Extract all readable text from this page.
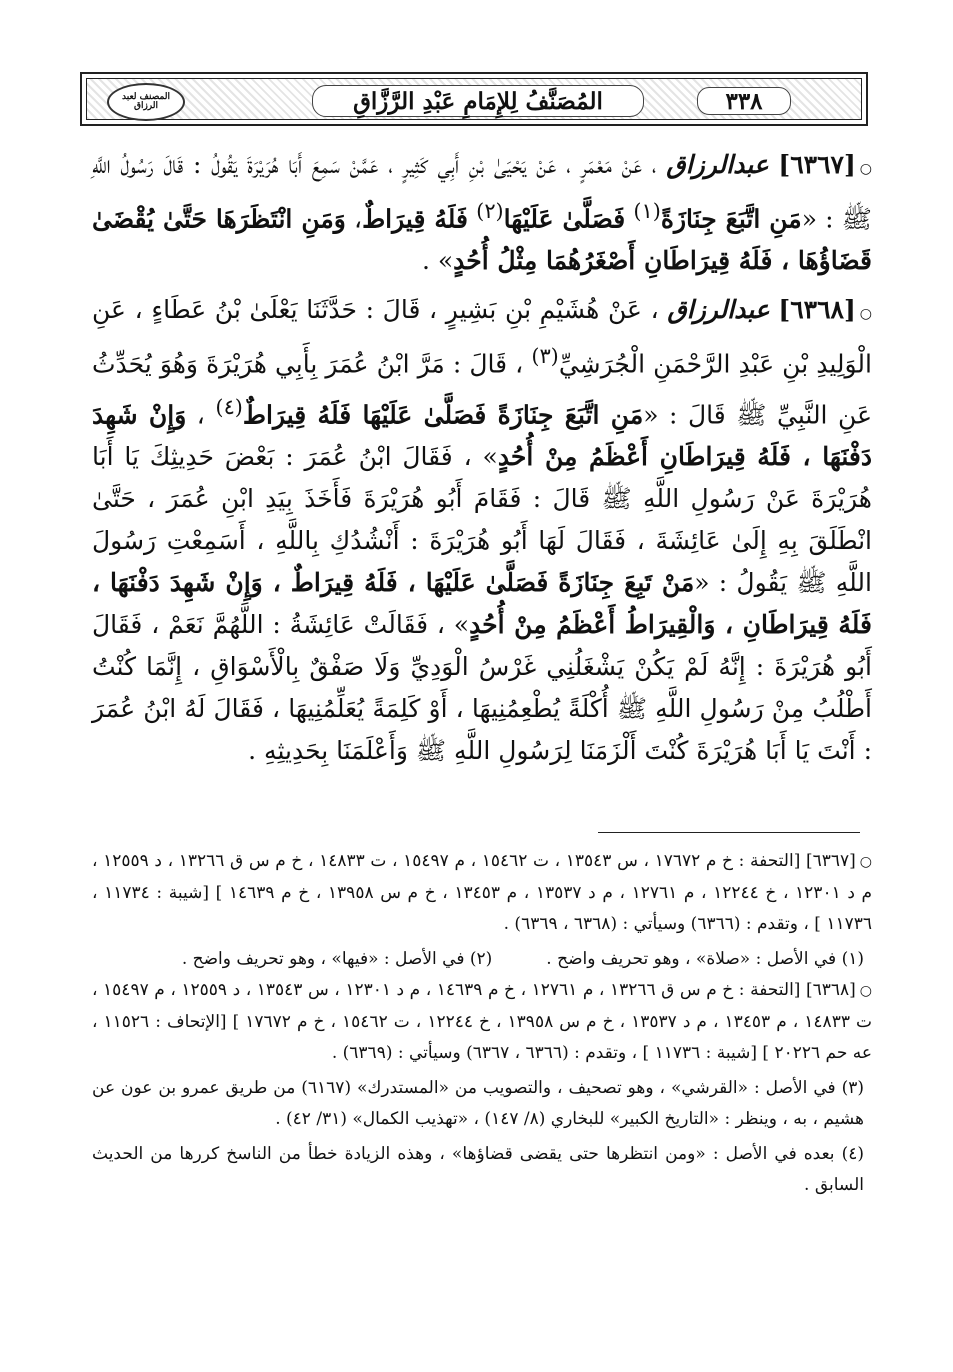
٣٣٨
المُصَنَّفُ لِلإِمَامِ عَبْدِ الرَّزَّاقِ
المصنف لعبد الرزاق

○[٦٣٦٧] عبدالرزاق ، عَنْ مَعْمَرٍ ، عَنْ يَحْيَىٰ بْنِ أَبِي كَثِيرٍ ، عَمَّنْ سَمِعَ أَبَا هُرَيْرَةَ يَقُولُ : قَالَ رَسُولُ اللَّهِ ﷺ : «مَنِ اتَّبَعَ جِنَازَةً$^{(١)}$ فَصَلَّىٰ عَلَيْهَا$^{(٢)}$ فَلَهُ قِيرَاطٌ، وَمَنِ انْتَظَرَهَا حَتَّىٰ يُقْضَىٰ قَضَاؤُهَا ، فَلَهُ قِيرَاطَانِ أَصْغَرُهُمَا مِثْلُ أُحُدٍ» .

○[٦٣٦٨] عبدالرزاق ، عَنْ هُشَيْمِ بْنِ بَشِيرٍ ، قَالَ : حَدَّثَنَا يَعْلَىٰ بْنُ عَطَاءٍ ، عَنِ الْوَلِيدِ بْنِ عَبْدِ الرَّحْمَنِ الْجُرَشِيِّ$^{(٣)}$ ، قَالَ : مَرَّ ابْنُ عُمَرَ بِأَبِي هُرَيْرَةَ وَهُوَ يُحَدِّثُ عَنِ النَّبِيِّ ﷺ قَالَ : «مَنِ اتَّبَعَ جِنَازَةً فَصَلَّىٰ عَلَيْهَا فَلَهُ قِيرَاطٌ$^{(٤)}$ ، وَإِنْ شَهِدَ دَفْنَهَا ، فَلَهُ قِيرَاطَانِ أَعْظَمُ مِنْ أُحُدٍ» ، فَقَالَ ابْنُ عُمَرَ : بَعْضَ حَدِيثِكَ يَا أَبَا هُرَيْرَةَ عَنْ رَسُولِ اللَّهِ ﷺ قَالَ : فَقَامَ أَبُو هُرَيْرَةَ فَأَخَذَ بِيَدِ ابْنِ عُمَرَ ، حَتَّىٰ انْطَلَقَ بِهِ إِلَىٰ عَائِشَةَ ، فَقَالَ لَهَا أَبُو هُرَيْرَةَ : أَنْشُدُكِ بِاللَّهِ ، أَسَمِعْتِ رَسُولَ اللَّهِ ﷺ يَقُولُ : «مَنْ تَبِعَ جِنَازَةً فَصَلَّىٰ عَلَيْهَا ، فَلَهُ قِيرَاطٌ ، وَإِنْ شَهِدَ دَفْنَهَا ، فَلَهُ قِيرَاطَانِ ، وَالْقِيرَاطُ أَعْظَمُ مِنْ أُحُدٍ» ، فَقَالَتْ عَائِشَةُ : اللَّهُمَّ نَعَمْ ، فَقَالَ أَبُو هُرَيْرَةَ : إِنَّهُ لَمْ يَكُنْ يَشْغَلُنِي غَرْسُ الْوَدِيِّ وَلَا صَفْقٌ بِالْأَسْوَاقِ ، إِنَّمَا كُنْتُ أَطْلُبُ مِنْ رَسُولِ اللَّهِ ﷺ أُكْلَةً يُطْعِمُنِيهَا ، أَوْ كَلِمَةً يُعَلِّمُنِيهَا ، فَقَالَ لَهُ ابْنُ عُمَرَ : أَنْتَ يَا أَبَا هُرَيْرَةَ كُنْتَ أَلْزَمَنَا لِرَسُولِ اللَّهِ ﷺ وَأَعْلَمَنَا بِحَدِيثِهِ .

○[٦٣٦٧] [التحفة : خ م ١٧٦٧٢ ، س ١٣٥٤٣ ، ت ١٥٤٦٢ ، م ١٥٤٩٧ ، ت ١٤٨٣٣ ، خ م س ق ١٣٢٦٦ ، د ١٢٥٥٩ ، م د ١٢٣٠١ ، خ ١٢٢٤٤ ، م ١٢٧٦١ ، م د ١٣٥٣٧ ، م ١٣٤٥٣ ، خ م س ١٣٩٥٨ ، خ م ١٤٦٣٩ ] [شيبة : ١١٧٣٤ ، ١١٧٣٦ ] ، وتقدم : (٦٣٦٦) وسيأتي : (٦٣٦٨ ، ٦٣٦٩) .

(١) في الأصل : «صلاة» ، وهو تحريف واضح .
(٢) في الأصل : «فيها» ، وهو تحريف واضح .

○[٦٣٦٨] [التحفة : خ م س ق ١٣٢٦٦ ، م ١٢٧٦١ ، خ م ١٤٦٣٩ ، م د ١٢٣٠١ ، س ١٣٥٤٣ ، د ١٢٥٥٩ ، م ١٥٤٩٧ ، ت ١٤٨٣٣ ، م ١٣٤٥٣ ، م د ١٣٥٣٧ ، خ م س ١٣٩٥٨ ، خ ١٢٢٤٤ ، ت ١٥٤٦٢ ، خ م ١٧٦٧٢ ] [الإتحاف : ١١٥٢٦ ، عه حم ٢٠٢٢٦ ] [شيبة : ١١٧٣٦ ] ، وتقدم : (٦٣٦٦ ، ٦٣٦٧) وسيأتي : (٦٣٦٩) .

(٣) في الأصل : «القرشي» ، وهو تصحيف ، والتصويب من «المستدرك» (٦١٦٧) من طريق عمرو بن عون عن هشيم ، به ، وينظر : «التاريخ الكبير» للبخاري (٨/ ١٤٧) ، «تهذيب الكمال» (٣١/ ٤٢) .

(٤) بعده في الأصل : «ومن انتظرها حتى يقضى قضاؤها» ، وهذه الزيادة خطأ من الناسخ كررها من الحديث السابق .
